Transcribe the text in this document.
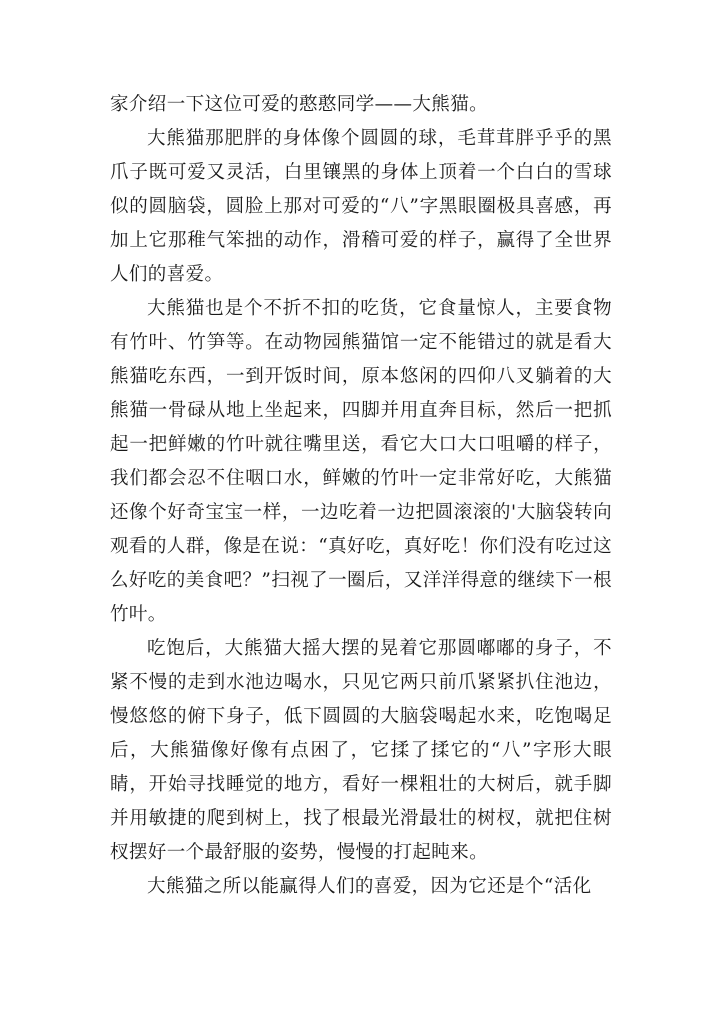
家介绍一下这位可爱的憨憨同学——大熊猫。

大熊猫那肥胖的身体像个圆圆的球，毛茸茸胖乎乎的黑爪子既可爱又灵活，白里镶黑的身体上顶着一个白白的雪球似的圆脑袋，圆脸上那对可爱的“八”字黑眼圈极具喜感，再加上它那稚气笨拙的动作，滑稽可爱的样子，赢得了全世界人们的喜爱。

大熊猫也是个不折不扣的吃货，它食量惊人，主要食物有竹叶、竹笋等。在动物园熊猫馆一定不能错过的就是看大熊猫吃东西，一到开饭时间，原本悠闲的四仰八叉躺着的大熊猫一骨碌从地上坐起来，四脚并用直奔目标，然后一把抓起一把鲜嫩的竹叶就往嘴里送，看它大口大口咀嚼的样子，我们都会忍不住咽口水，鲜嫩的竹叶一定非常好吃，大熊猫还像个好奇宝宝一样，一边吃着一边把圆滚滚的'大脑袋转向观看的人群，像是在说：“真好吃，真好吃！你们没有吃过这么好吃的美食吧？”扫视了一圈后，又洋洋得意的继续下一根竹叶。

吃饱后，大熊猫大摇大摆的晃着它那圆嘟嘟的身子，不紧不慢的走到水池边喝水，只见它两只前爪紧紧扒住池边，慢悠悠的俯下身子，低下圆圆的大脑袋喝起水来，吃饱喝足后，大熊猫像好像有点困了，它揉了揉它的“八”字形大眼睛，开始寻找睡觉的地方，看好一棵粗壮的大树后，就手脚并用敏捷的爬到树上，找了根最光滑最壮的树杈，就把住树杈摆好一个最舒服的姿势，慢慢的打起盹来。

大熊猫之所以能赢得人们的喜爱，因为它还是个“活化
